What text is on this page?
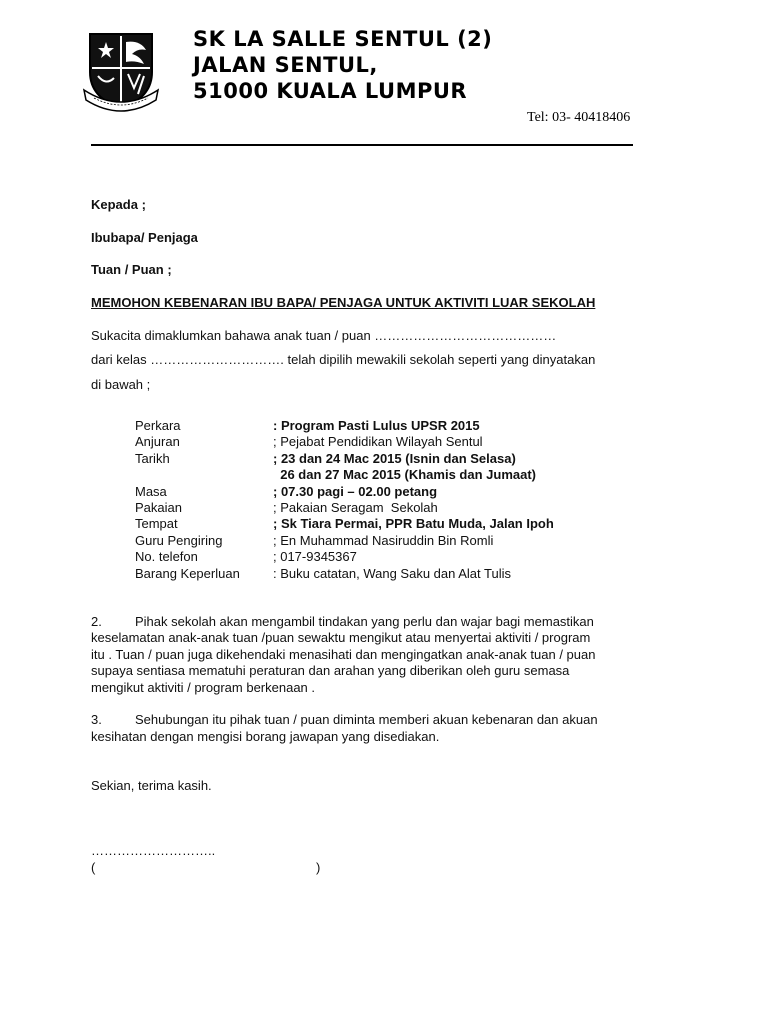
SK LA SALLE SENTUL (2)
JALAN SENTUL,
51000 KUALA LUMPUR
Tel: 03- 40418406
Kepada ;
Ibubapa/ Penjaga
Tuan / Puan ;
MEMOHON KEBENARAN IBU BAPA/ PENJAGA UNTUK AKTIVITI LUAR SEKOLAH
Sukacita dimaklumkan bahawa anak tuan / puan ……………………………………
dari kelas …………………………. telah dipilih mewakili sekolah seperti yang dinyatakan
di bawah ;
Perkara	: Program Pasti Lulus UPSR 2015
Anjuran	; Pejabat Pendidikan Wilayah Sentul
Tarikh	; 23 dan 24 Mac 2015 (Isnin dan Selasa)
26 dan 27 Mac 2015 (Khamis dan Jumaat)
Masa	; 07.30 pagi – 02.00 petang
Pakaian	; Pakaian Seragam  Sekolah
Tempat	; Sk Tiara Permai, PPR Batu Muda, Jalan Ipoh
Guru Pengiring	; En Muhammad Nasiruddin Bin Romli
No. telefon	; 017-9345367
Barang Keperluan	: Buku catatan, Wang Saku dan Alat Tulis
2.	Pihak sekolah akan mengambil tindakan yang perlu dan wajar bagi memastikan
keselamatan anak-anak tuan /puan sewaktu mengikut atau menyertai aktiviti / program
itu . Tuan / puan juga dikehendaki menasihati dan mengingatkan anak-anak tuan / puan
supaya sentiasa mematuhi peraturan dan arahan yang diberikan oleh guru semasa
mengikut aktiviti / program berkenaan .
3.	Sehubungan itu pihak tuan / puan diminta memberi akuan kebenaran dan akuan
kesihatan dengan mengisi borang jawapan yang disediakan.
Sekian, terima kasih.
………………………..
(	)
